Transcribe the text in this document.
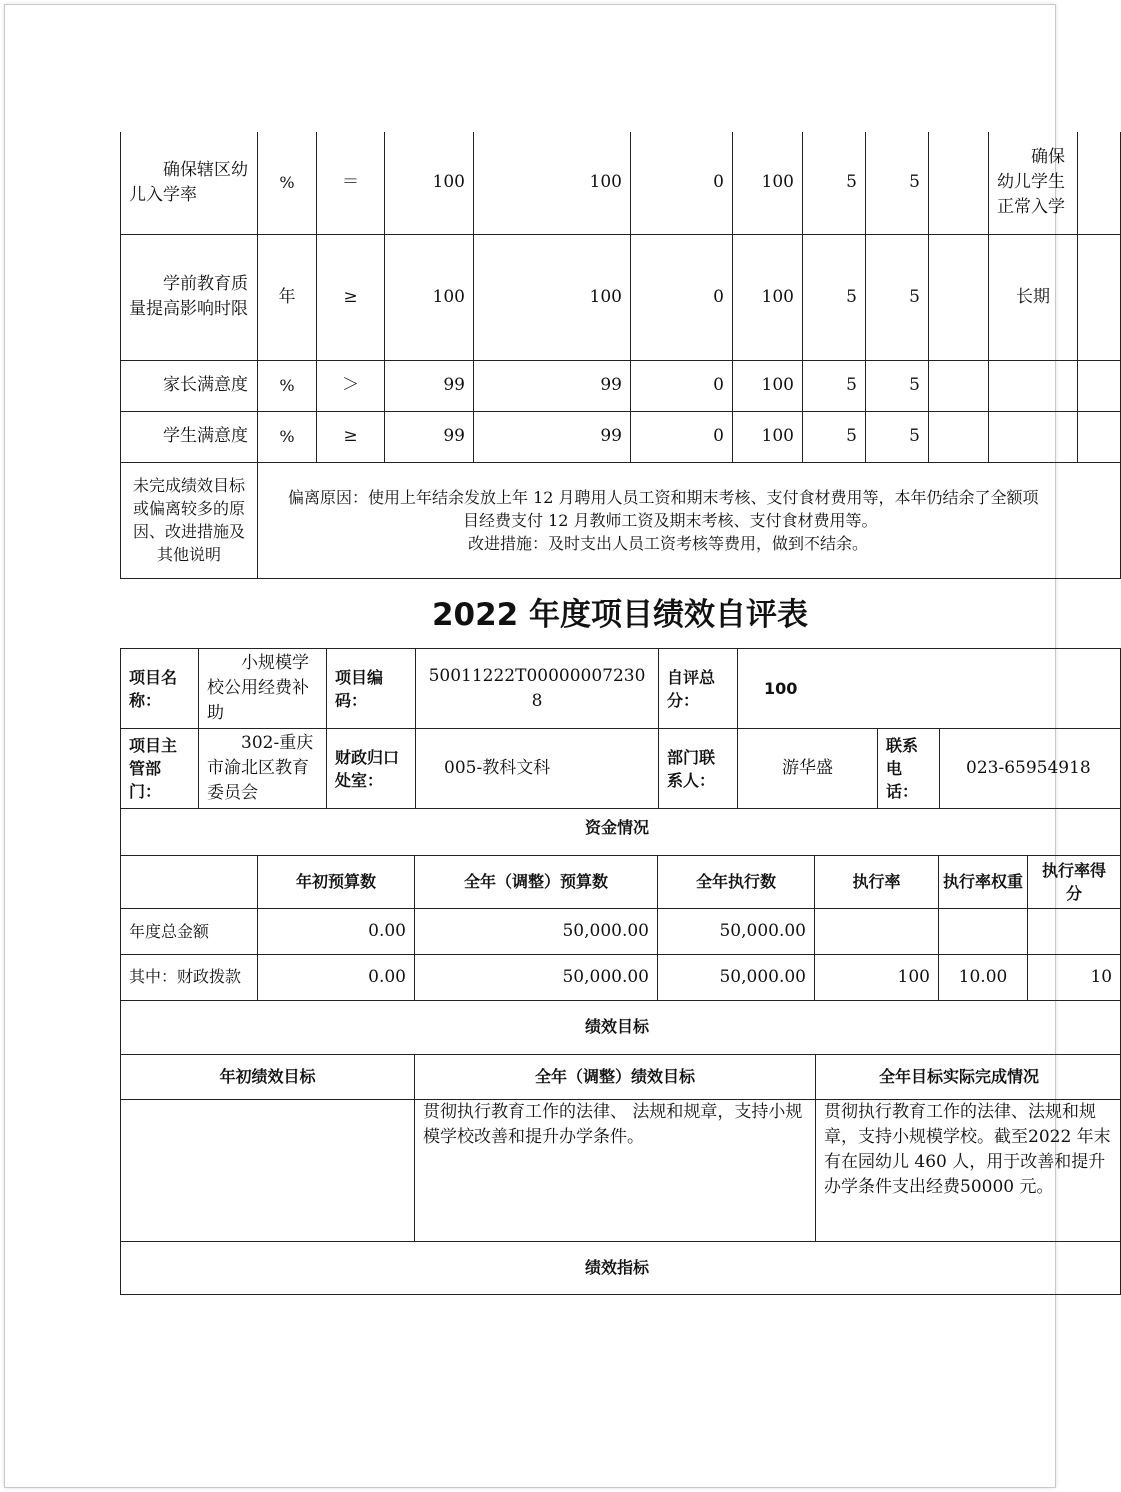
确保辖区幼儿入学率	%	＝	100	100	0	100	5	5		确保幼儿学生正常入学	
学前教育质量提高影响时限	年	≥	100	100	0	100	5	5		长期	
家长满意度	%	＞	99	99	0	100	5	5			
学生满意度	%	≥	99	99	0	100	5	5			
未完成绩效目标或偏离较多的原因、改进措施及其他说明	偏离原因：使用上年结余发放上年 12 月聘用人员工资和期末考核、支付食材费用等，本年仍结余了全额项
目经费支付 12 月教师工资及期末考核、支付食材费用等。
改进措施：及时支出人员工资考核等费用，做到不结余。										
2022 年度项目绩效自评表
项目名称：	小规模学校公用经费补助	项目编码：	50011222T000000072308	自评总分：	100		
项目主管部门：	302-重庆市渝北区教育委员会	财政归口处室：	005-教科文科	部门联系人：	游华盛	联系电话：	023-65954918
资金情况						
	年初预算数	全年（调整）预算数	全年执行数	执行率	执行率权重	执行率得分
年度总金额	0.00	50,000.00	50,000.00			
其中：财政拨款	0.00	50,000.00	50,000.00	100	10.00	10
绩效目标		
年初绩效目标	全年（调整）绩效目标	全年目标实际完成情况
	贯彻执行教育工作的法律、 法规和规章，支持小规模学校改善和提升办学条件。	贯彻执行教育工作的法律、法规和规章，支持小规模学校。截至2022 年末有在园幼儿 460 人，用于改善和提升办学条件支出经费50000 元。
绩效指标		
